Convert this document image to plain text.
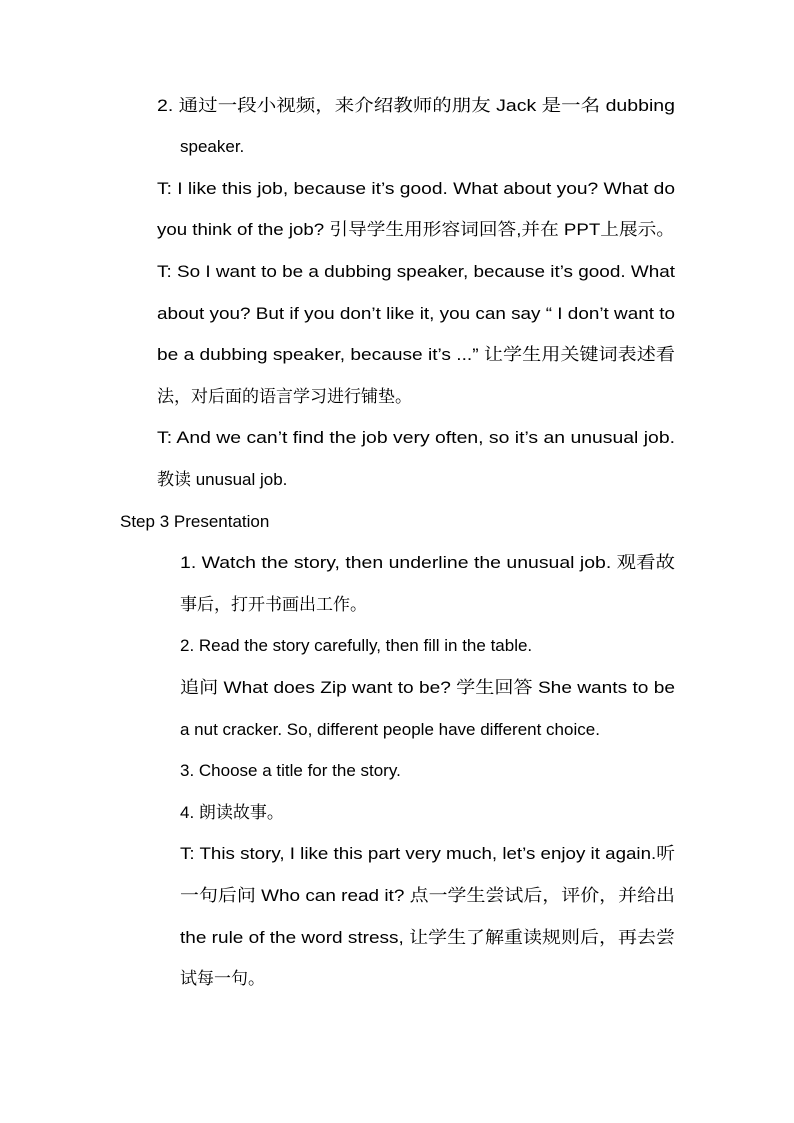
2. 通过一段小视频，来介绍教师的朋友 Jack 是一名 dubbing
speaker.
T: I like this job, because it’s good. What about you? What do
you think of the job? 引导学生用形容词回答,并在 PPT上展示。
T: So I want to be a dubbing speaker, because it’s good. What
about you? But if you don’t like it, you can say “ I don’t want to
be a dubbing speaker, because it’s ...” 让学生用关键词表述看
法，对后面的语言学习进行铺垫。
T: And we can’t find the job very often, so it’s an unusual job.
教读 unusual job.
Step 3 Presentation
1. Watch the story, then underline the unusual job. 观看故
事后，打开书画出工作。
2. Read the story carefully, then fill in the table.
追问 What does Zip want to be? 学生回答 She wants to be
a nut cracker. So, different people have different choice.
3. Choose a title for the story.
4. 朗读故事。
T: This story, I like this part very much, let’s enjoy it again.听
一句后问 Who can read it? 点一学生尝试后，评价，并给出
the rule of the word stress, 让学生了解重读规则后，再去尝
试每一句。
